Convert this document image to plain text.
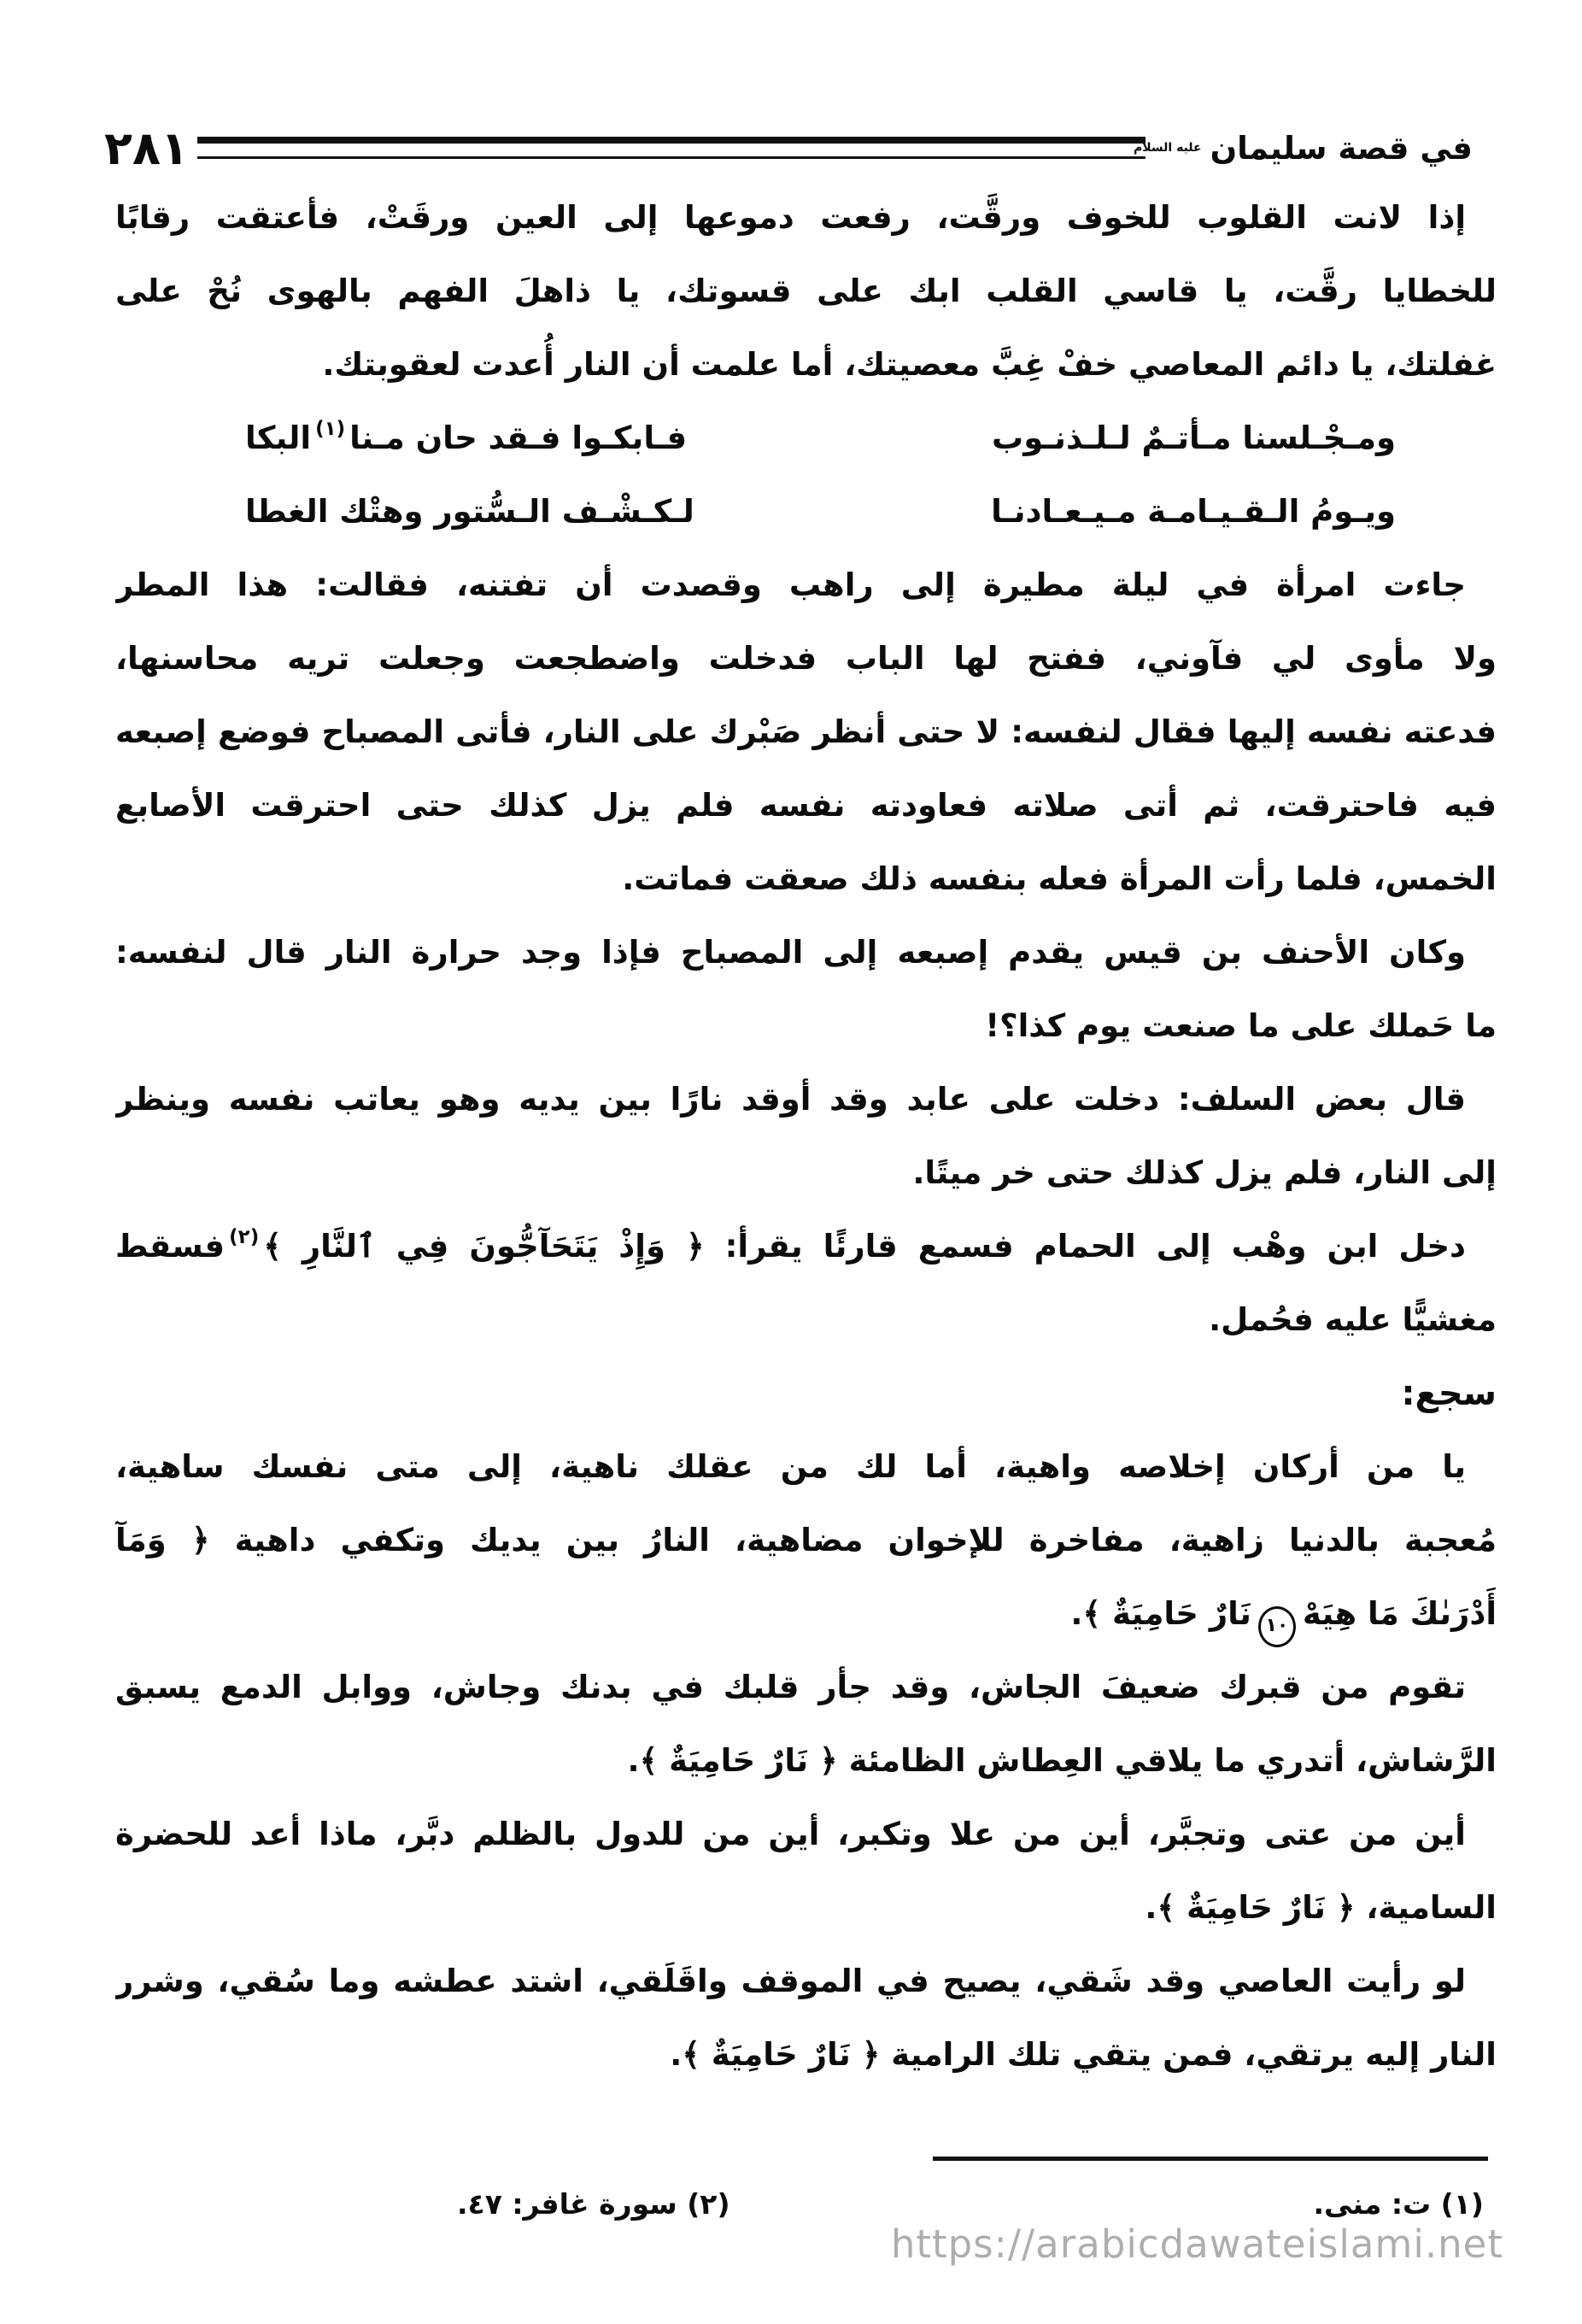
في قصة سليمان
عليه السلام
٢٨١
إذا لانت القلوب للخوف ورقَّت، رفعت دموعها إلى العين ورقَتْ، فأعتقت رقابًا
للخطايا رقَّت، يا قاسي القلب ابك على قسوتك، يا ذاهلَ الفهم بالهوى نُحْ على
غفلتك، يا دائم المعاصي خفْ غِبَّ معصيتك، أما علمت أن النار أُعدت لعقوبتك.
ومـجْـلسنا مـأتـمٌ لـلـذنـوب
فـابكـوا فـقد حان مـنا$^{(١)}$البكا
ويـومُ الـقـيـامـة مـيـعـادنـا
لـكـشْـف الـسُّتور وهتْك الغطا
جاءت امرأة في ليلة مطيرة إلى راهب وقصدت أن تفتنه، فقالت: هذا المطر
ولا مأوى لي فآوني، ففتح لها الباب فدخلت واضطجعت وجعلت تريه محاسنها،
فدعته نفسه إليها فقال لنفسه: لا حتى أنظر صَبْرك على النار، فأتى المصباح فوضع إصبعه
فيه فاحترقت، ثم أتى صلاته فعاودته نفسه فلم يزل كذلك حتى احترقت الأصابع
الخمس، فلما رأت المرأة فعله بنفسه ذلك صعقت فماتت.
وكان الأحنف بن قيس يقدم إصبعه إلى المصباح فإذا وجد حرارة النار قال لنفسه:
ما حَملك على ما صنعت يوم كذا؟!
قال بعض السلف: دخلت على عابد وقد أوقد نارًا بين يديه وهو يعاتب نفسه وينظر
إلى النار، فلم يزل كذلك حتى خر ميتًا.
دخل ابن وهْب إلى الحمام فسمع قارئًا يقرأ: ﴿ وَإِذْ يَتَحَآجُّونَ فِي ٱلنَّارِ ﴾$^{(٢)}$فسقط
مغشيًّا عليه فحُمل.
سجع:
يا من أركان إخلاصه واهية، أما لك من عقلك ناهية، إلى متى نفسك ساهية،
مُعجبة بالدنيا زاهية، مفاخرة للإخوان مضاهية، النارُ بين يديك وتكفي داهية ﴿ وَمَآ
أَدْرَىٰكَ مَا هِيَهْ١٠نَارٌ حَامِيَةٌ ﴾.
تقوم من قبرك ضعيفَ الجاش، وقد جأر قلبك في بدنك وجاش، ووابل الدمع يسبق
الرَّشاش، أتدري ما يلاقي العِطاش الظامئة ﴿ نَارٌ حَامِيَةٌ ﴾.
أين من عتى وتجبَّر، أين من علا وتكبر، أين من للدول بالظلم دبَّر، ماذا أعد للحضرة
السامية، ﴿ نَارٌ حَامِيَةٌ ﴾.
لو رأيت العاصي وقد شَقي، يصيح في الموقف واقَلَقي، اشتد عطشه وما سُقي، وشرر
النار إليه يرتقي، فمن يتقي تلك الرامية ﴿ نَارٌ حَامِيَةٌ ﴾.
(١) ت: منى.
(٢) سورة غافر: ٤٧.
https://arabicdawateislami.net
